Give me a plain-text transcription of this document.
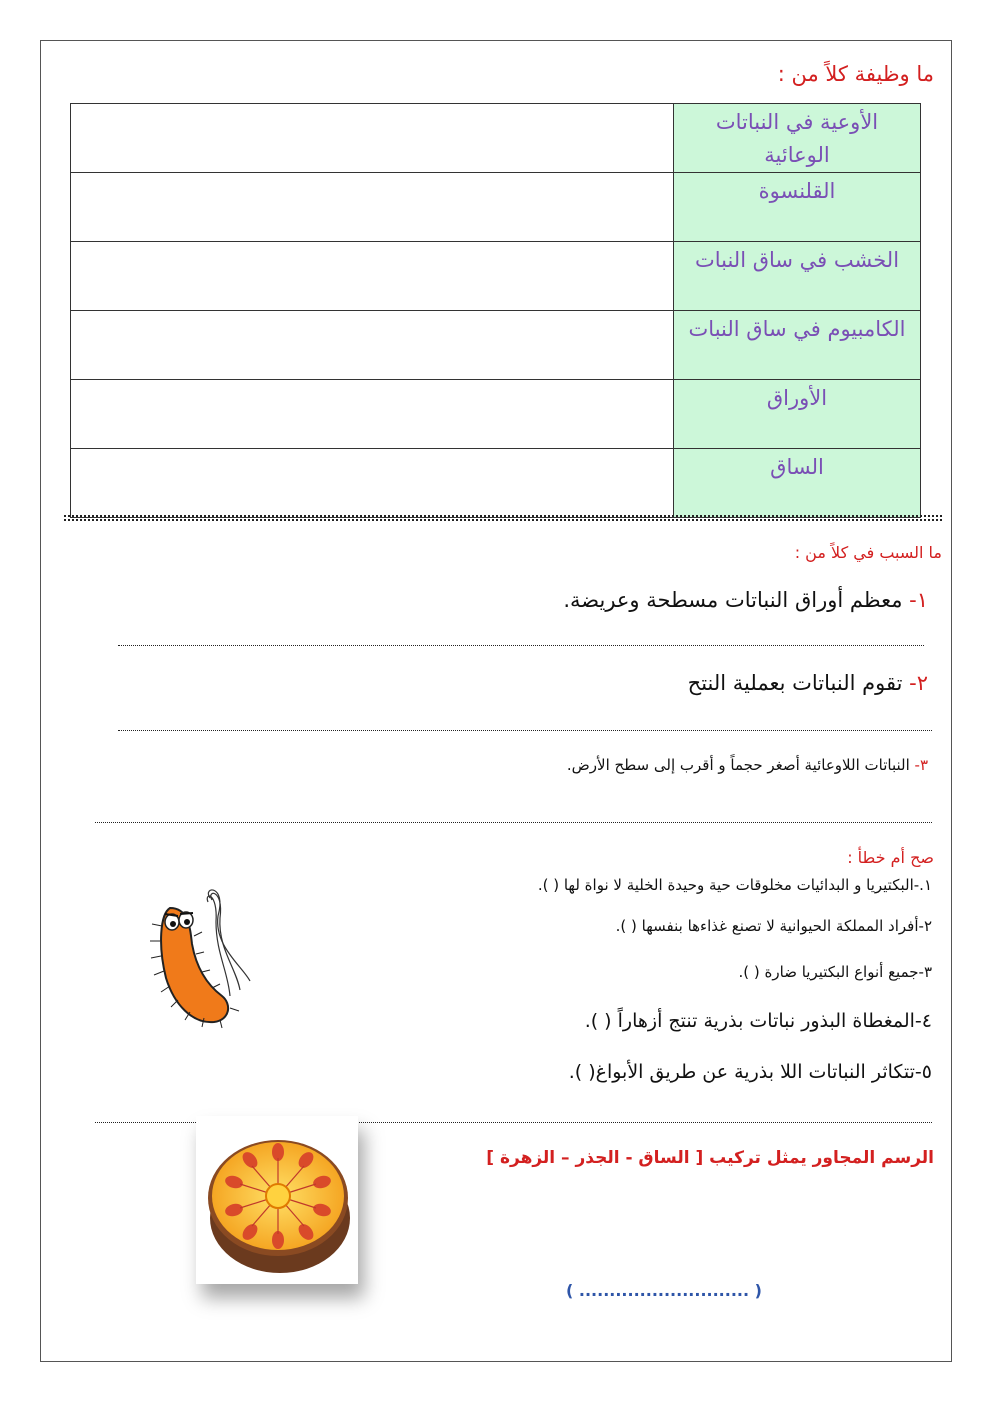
ما وظيفة كلاً من :
الأوعية في النباتات
الوعائية	

القلنسوة	

الخشب في ساق النبات	

الكامبيوم في ساق النبات	

الأوراق	

الساق	

ما السبب في كلاً من :
١- معظم أوراق النباتات مسطحة وعريضة.
٢- تقوم النباتات بعملية النتح
٣- النباتات اللاوعائية أصغر حجماً و أقرب إلى سطح الأرض.
صح أم خطأ :
١.-البكتيريا و البدائيات مخلوقات حية وحيدة الخلية لا نواة لها ( ).
٢-أفراد المملكة الحيوانية لا تصنع غذاءها بنفسها ( ).
٣-جميع أنواع البكتيريا ضارة ( ).
٤-المغطاة البذور نباتات بذرية تنتج أزهاراً ( ).
٥-تتكاثر النباتات اللا بذرية عن طريق الأبواغ( ).
الرسم المجاور يمثل تركيب [ الساق - الجذر – الزهرة ]
( ............................ )
